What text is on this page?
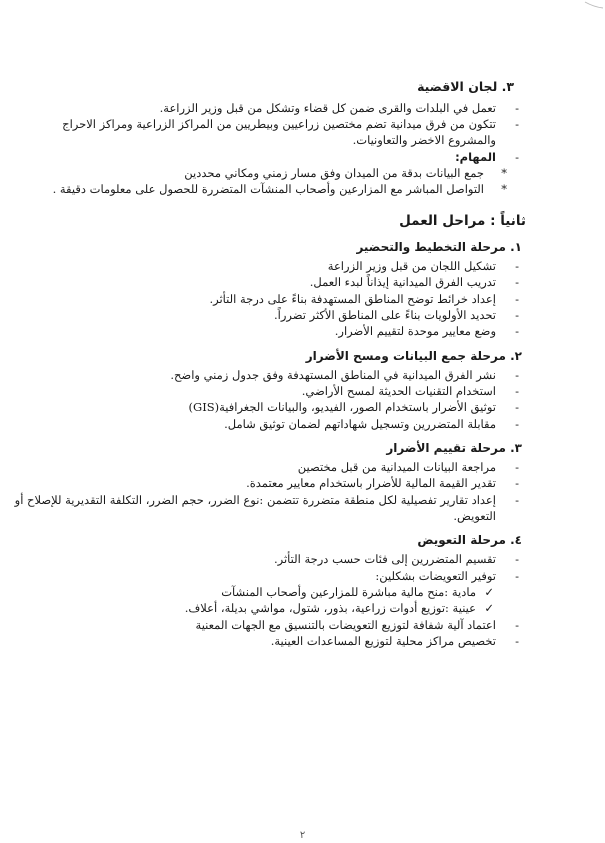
٣. لجان الاقضية
- تعمل في البلدات والقرى ضمن كل قضاء وتشكل من قبل وزير الزراعة.
- تتكون من فرق ميدانية تضم مختصين زراعيين وبيطريين من المراكز الزراعية ومراكز الاحراج والمشروع الاخضر والتعاونيات.
- المهام:
* جمع البيانات بدقة من الميدان وفق مسار زمني ومكاني محددين
* التواصل المباشر مع المزارعين وأصحاب المنشآت المتضررة للحصول على معلومات دقيقة .
ثانياً : مراحل العمل
١. مرحلة التخطيط والتحضير
- تشكيل اللجان من قبل وزير الزراعة
- تدريب الفرق الميدانية إيذاناً لبدء العمل.
- إعداد خرائط توضح المناطق المستهدفة بناءً على درجة التأثر.
- تحديد الأولويات بناءً على المناطق الأكثر تضرراً.
- وضع معايير موحدة لتقييم الأضرار.
٢. مرحلة جمع البيانات ومسح الأضرار
- نشر الفرق الميدانية في المناطق المستهدفة وفق جدول زمني واضح.
- استخدام التقنيات الحديثة لمسح الأراضي.
- توثيق الأضرار باستخدام الصور، الفيديو، والبيانات الجغرافية(GIS)
- مقابلة المتضررين وتسجيل شهاداتهم لضمان توثيق شامل.
٣. مرحلة تقييم الأضرار
- مراجعة البيانات الميدانية من قبل مختصين
- تقدير القيمة المالية للأضرار باستخدام معايير معتمدة.
- إعداد تقارير تفصيلية لكل منطقة متضررة تتضمن :نوع الضرر، حجم الضرر، التكلفة التقديرية للإصلاح أو التعويض.
٤. مرحلة التعويض
- تقسيم المتضررين إلى فئات حسب درجة التأثر.
- توفير التعويضات بشكلين:
✓ مادية :منح مالية مباشرة للمزارعين وأصحاب المنشآت
✓ عينية :توزيع أدوات زراعية، بذور، شتول، مواشي بديلة، أعلاف.
- اعتماد آلية شفافة لتوزيع التعويضات بالتنسيق مع الجهات المعنية
- تخصيص مراكز محلية لتوزيع المساعدات العينية.
٢
